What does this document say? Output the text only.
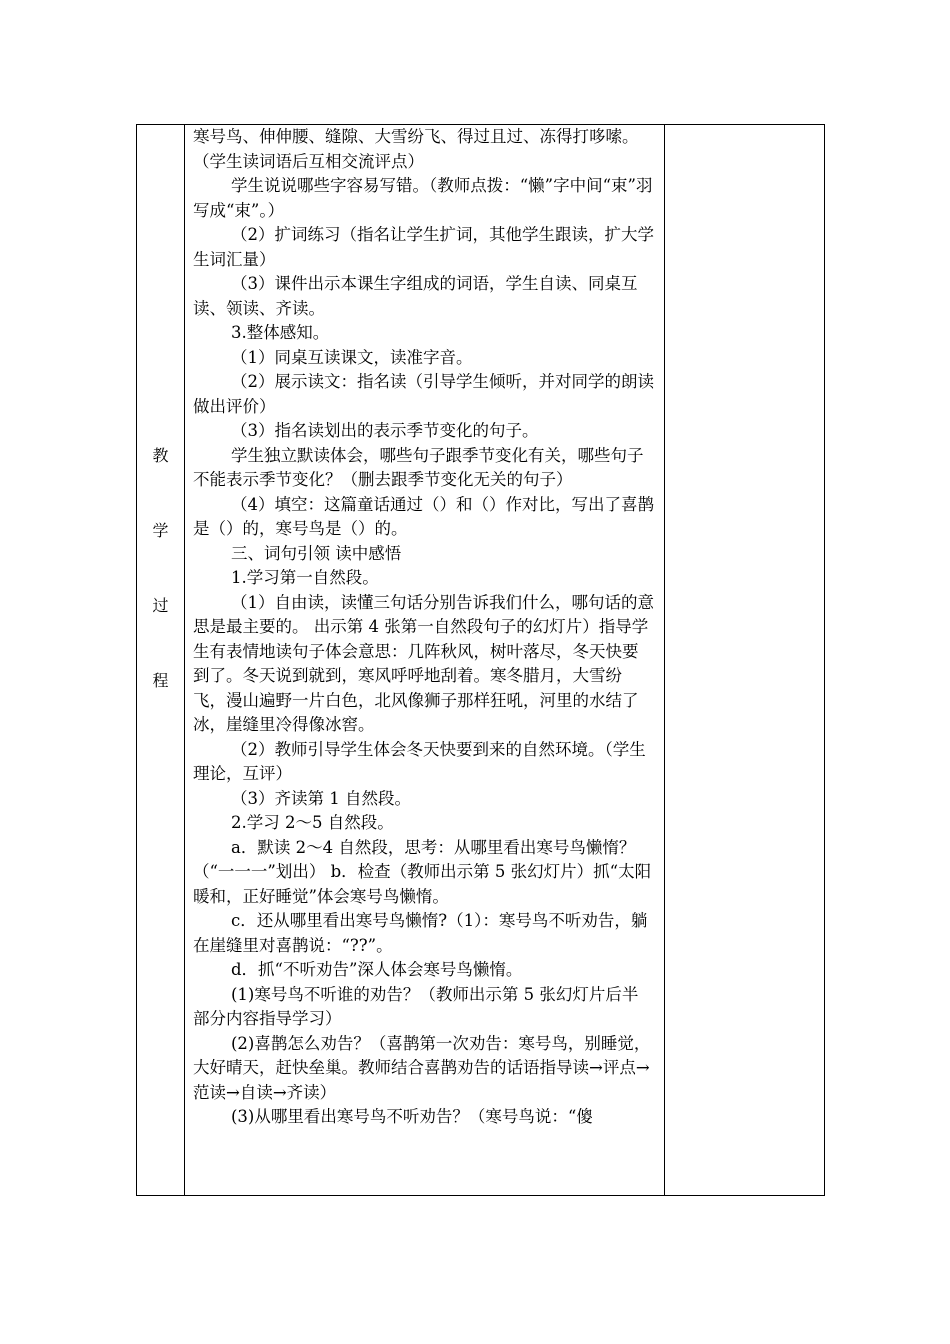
教
学
过
程

寒号鸟、伸伸腰、缝隙、大雪纷飞、得过且过、冻得打哆嗦。（学生读词语后互相交流评点）

学生说说哪些字容易写错。（教师点拨：“懒”字中间“束”羽写成“束”。）

（2）扩词练习（指名让学生扩词，其他学生跟读，扩大学生词汇量）

（3）课件出示本课生字组成的词语，学生自读、同桌互读、领读、齐读。

3.整体感知。

（1）同桌互读课文，读准字音。

（2）展示读文：指名读（引导学生倾听，并对同学的朗读做出评价）

（3）指名读划出的表示季节变化的句子。

学生独立默读体会，哪些句子跟季节变化有关，哪些句子不能表示季节变化？（删去跟季节变化无关的句子）

（4）填空：这篇童话通过（）和（）作对比，写出了喜鹊是（）的，寒号鸟是（）的。

三、词句引领 读中感悟

1.学习第一自然段。

（1）自由读，读懂三句话分别告诉我们什么，哪句话的意思是最主要的。 出示第 4 张第一自然段句子的幻灯片）指导学生有表情地读句子体会意思：几阵秋风，树叶落尽，冬天快要到了。冬天说到就到，寒风呼呼地刮着。寒冬腊月，大雪纷飞，漫山遍野一片白色，北风像狮子那样狂吼，河里的水结了冰，崖缝里冷得像冰窖。

（2）教师引导学生体会冬天快要到来的自然环境。（学生理论，互评）

（3）齐读第 1 自然段。

2.学习 2～5 自然段。

a．默读 2～4 自然段，思考：从哪里看出寒号鸟懒惰？（“一一一”划出） b．检查（教师出示第 5 张幻灯片）抓“太阳暖和，正好睡觉”体会寒号鸟懒惰。

c．还从哪里看出寒号鸟懒惰?（1）：寒号鸟不听劝告，躺在崖缝里对喜鹊说：“??”。

d．抓“不听劝告”深人体会寒号鸟懒惰。

(1)寒号鸟不听谁的劝告？（教师出示第 5 张幻灯片后半部分内容指导学习）

(2)喜鹊怎么劝告？（喜鹊第一次劝告：寒号鸟，别睡觉，大好晴天，赶快垒巢。教师结合喜鹊劝告的话语指导读→评点→范读→自读→齐读）

(3)从哪里看出寒号鸟不听劝告？（寒号鸟说：“傻
